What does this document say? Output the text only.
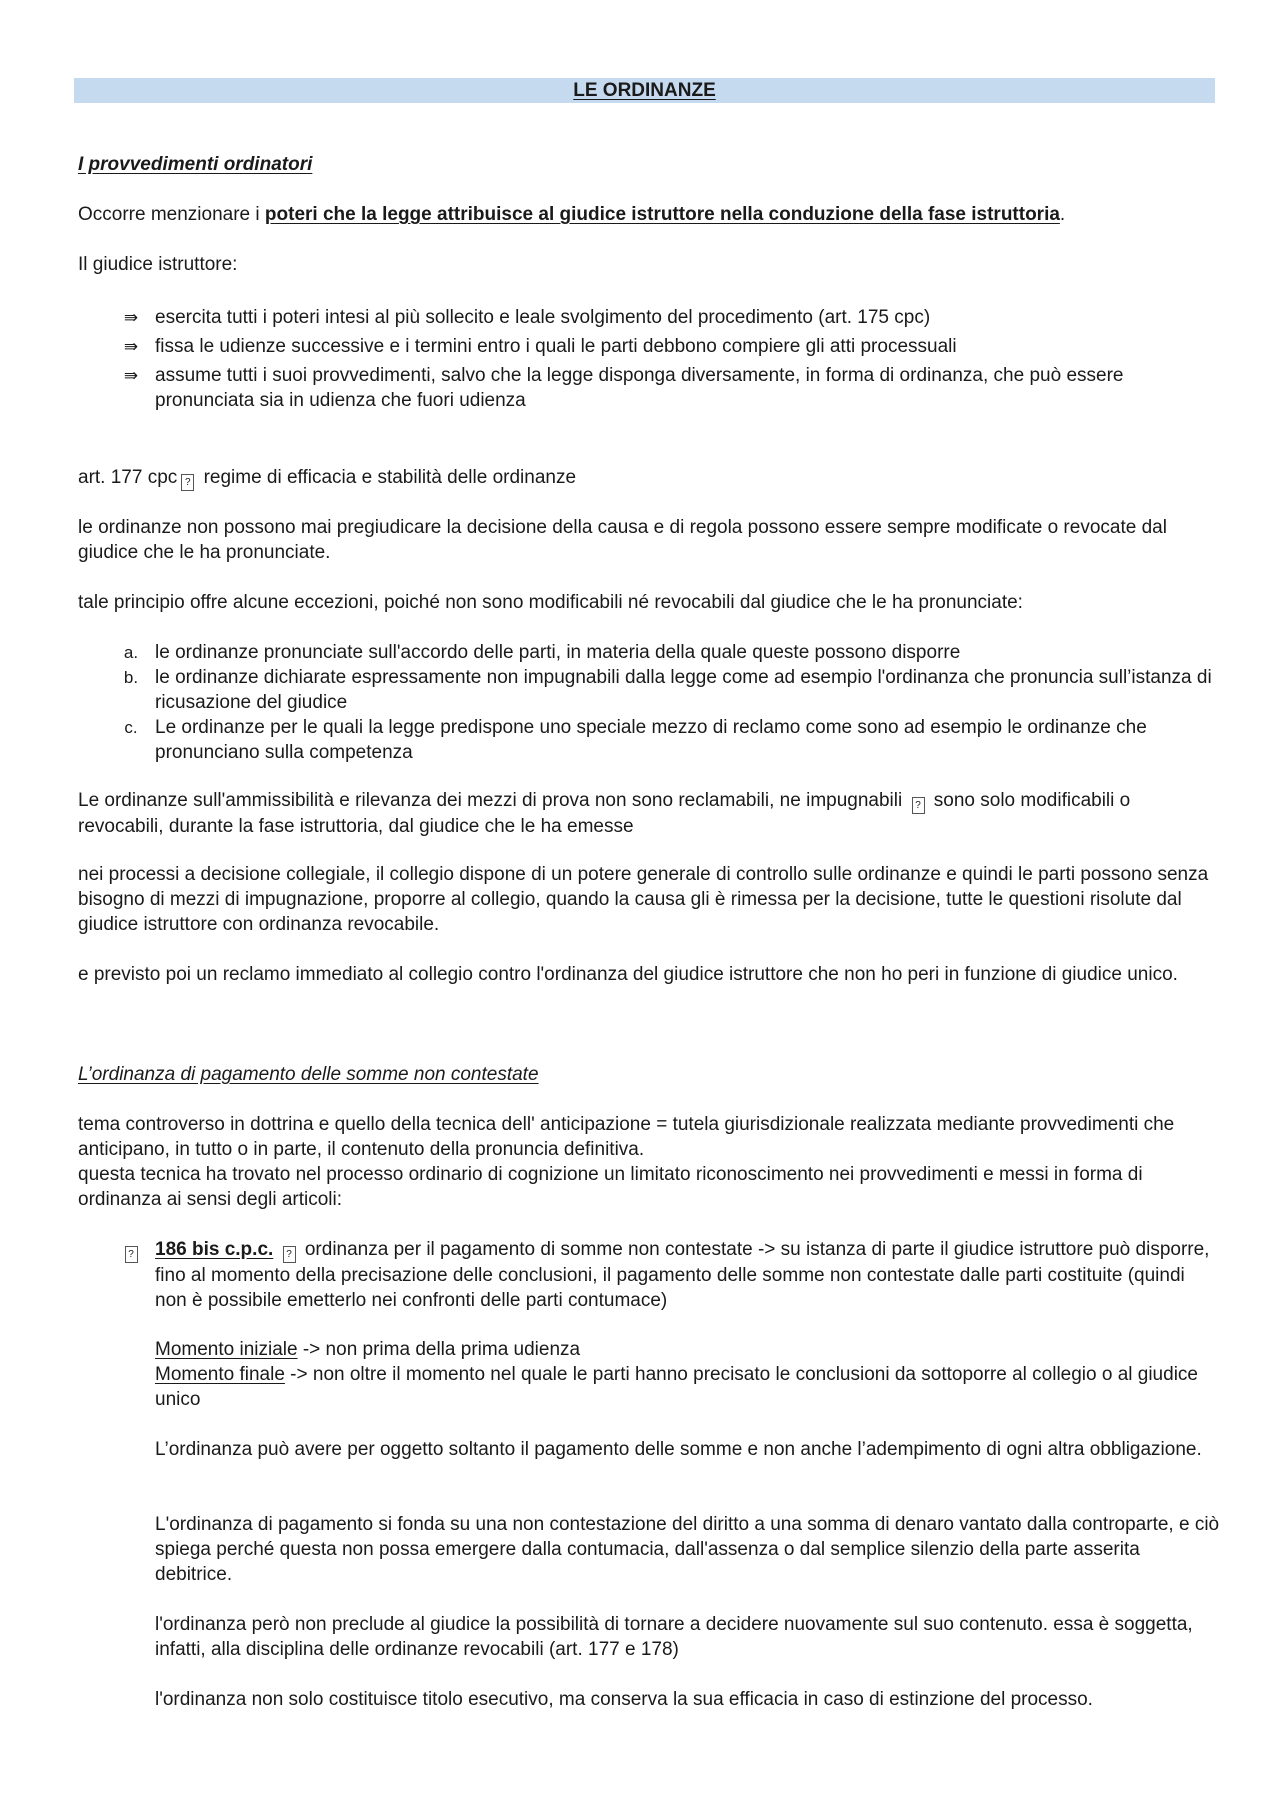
LE ORDINANZE

I provvedimenti ordinatori

Occorre menzionare i poteri che la legge attribuisce al giudice istruttore nella conduzione della fase istruttoria.

Il giudice istruttore:

⇛ esercita tutti i poteri intesi al più sollecito e leale svolgimento del procedimento (art. 175 cpc)
⇛ fissa le udienze successive e i termini entro i quali le parti debbono compiere gli atti processuali
⇛ assume tutti i suoi provvedimenti, salvo che la legge disponga diversamente, in forma di ordinanza, che può essere pronunciata sia in udienza che fuori udienza

art. 177 cpc ? regime di efficacia e stabilità delle ordinanze

le ordinanze non possono mai pregiudicare la decisione della causa e di regola possono essere sempre modificate o revocate dal giudice che le ha pronunciate.

tale principio offre alcune eccezioni, poiché non sono modificabili né revocabili dal giudice che le ha pronunciate:

a. le ordinanze pronunciate sull'accordo delle parti, in materia della quale queste possono disporre
b. le ordinanze dichiarate espressamente non impugnabili dalla legge come ad esempio l'ordinanza che pronuncia sull’istanza di ricusazione del giudice
c. Le ordinanze per le quali la legge predispone uno speciale mezzo di reclamo come sono ad esempio le ordinanze che pronunciano sulla competenza

Le ordinanze sull'ammissibilità e rilevanza dei mezzi di prova non sono reclamabili, ne impugnabili ? sono solo modificabili o revocabili, durante la fase istruttoria, dal giudice che le ha emesse

nei processi a decisione collegiale, il collegio dispone di un potere generale di controllo sulle ordinanze e quindi le parti possono senza bisogno di mezzi di impugnazione, proporre al collegio, quando la causa gli è rimessa per la decisione, tutte le questioni risolute dal giudice istruttore con ordinanza revocabile.

e previsto poi un reclamo immediato al collegio contro l'ordinanza del giudice istruttore che non ho peri in funzione di giudice unico.

L’ordinanza di pagamento delle somme non contestate

tema controverso in dottrina e quello della tecnica dell' anticipazione = tutela giurisdizionale realizzata mediante provvedimenti che anticipano, in tutto o in parte, il contenuto della pronuncia definitiva.

questa tecnica ha trovato nel processo ordinario di cognizione un limitato riconoscimento nei provvedimenti e messi in forma di ordinanza ai sensi degli articoli:

?	186 bis c.p.c. ? ordinanza per il pagamento di somme non contestate -> su istanza di parte il giudice istruttore può disporre, fino al momento della precisazione delle conclusioni, il pagamento delle somme non contestate dalle parti costituite (quindi non è possibile emetterlo nei confronti delle parti contumace)
Momento iniziale -> non prima della prima udienza
Momento finale -> non oltre il momento nel quale le parti hanno precisato le conclusioni da sottoporre al collegio o al giudice unico
L’ordinanza può avere per oggetto soltanto il pagamento delle somme e non anche l’adempimento di ogni altra obbligazione.
L'ordinanza di pagamento si fonda su una non contestazione del diritto a una somma di denaro vantato dalla controparte, e ciò spiega perché questa non possa emergere dalla contumacia, dall'assenza o dal semplice silenzio della parte asserita debitrice.
l'ordinanza però non preclude al giudice la possibilità di tornare a decidere nuovamente sul suo contenuto. essa è soggetta, infatti, alla disciplina delle ordinanze revocabili (art. 177 e 178)
l'ordinanza non solo costituisce titolo esecutivo, ma conserva la sua efficacia in caso di estinzione del processo.
